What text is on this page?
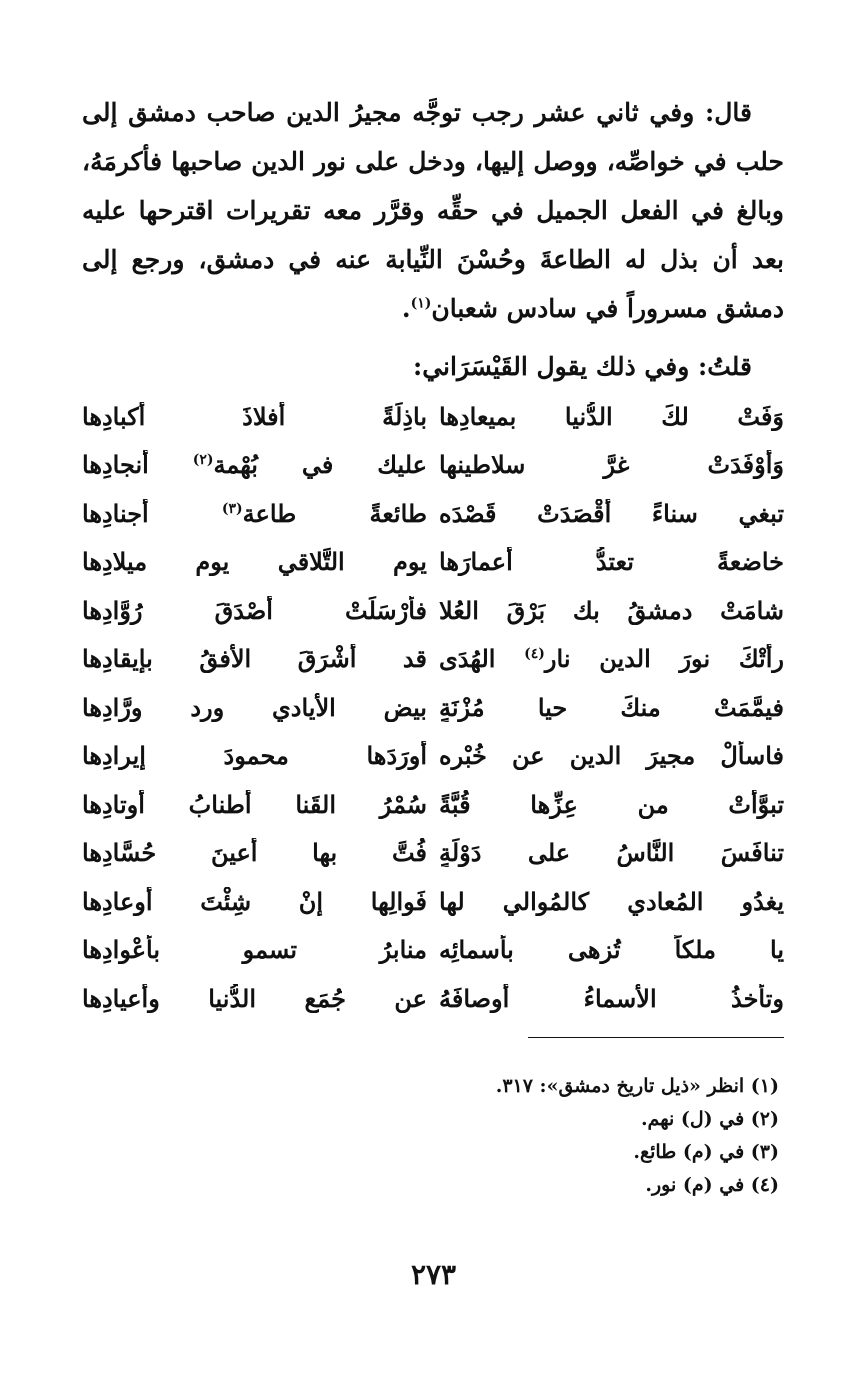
قال: وفي ثاني عشر رجب توجَّه مجيرُ الدين صاحب دمشق إلى حلب في خواصِّه، ووصل إليها، ودخل على نور الدين صاحبها فأكرمَهُ، وبالغ في الفعل الجميل في حقِّه وقرَّر معه تقريرات اقترحها عليه بعد أن بذل له الطاعةَ وحُسْنَ النِّيابة عنه في دمشق، ورجع إلى دمشق مسروراً في سادس شعبان$^{(١)}$.

قلتُ: وفي ذلك يقول القَيْسَرَاني:
وَفَتْ لكَ الدُّنيا بميعادِها
باذِلَةً أفلاذَ أكبادِها
وَأوْفَدَتْ غرَّ سلاطينها
عليك في بُهْمة$^{(٢)}$ أنجادِها
تبغي سناءً أقْصَدَتْ قَصْدَه
طائعةً طاعة$^{(٣)}$ أجنادِها
خاضعةً تعتدُّ أعمارَها
يوم التَّلاقي يوم ميلادِها
شامَتْ دمشقُ بك بَرْقَ العُلا
فأرْسَلَتْ أصْدَقَ رُوَّادِها
رأتْكَ نورَ الدين نار$^{(٤)}$ الهُدَى
قد أشْرَقَ الأفقُ بإيقادِها
فيمَّمَتْ منكَ حيا مُزْنَةٍ
بيض الأيادي ورد ورَّادِها
فاسألْ مجيرَ الدين عن خُبْره
أورَدَها محمودَ إيرادِها
تبوَّأتْ من عِزِّها قُبَّةً
سُمْرُ القَنا أطنابُ أوتادِها
تنافَسَ النَّاسُ على دَوْلَةٍ
فُتَّ بها أعينَ حُسَّادِها
يغدُو المُعادي كالمُوالي لها
فَوالِها إنْ شِئْتَ أوعادِها
يا ملكاً تُزهى بأسمائِه
منابرُ تسمو بأعْوادِها
وتأخذُ الأسماءُ أوصافَهُ
عن جُمَعِ الدُّنيا وأعيادِها
(١) انظر «ذيل تاريخ دمشق»: ٣١٧.
(٢) في (ل) نهم.
(٣) في (م) طائع.
(٤) في (م) نور.
٢٧٣
